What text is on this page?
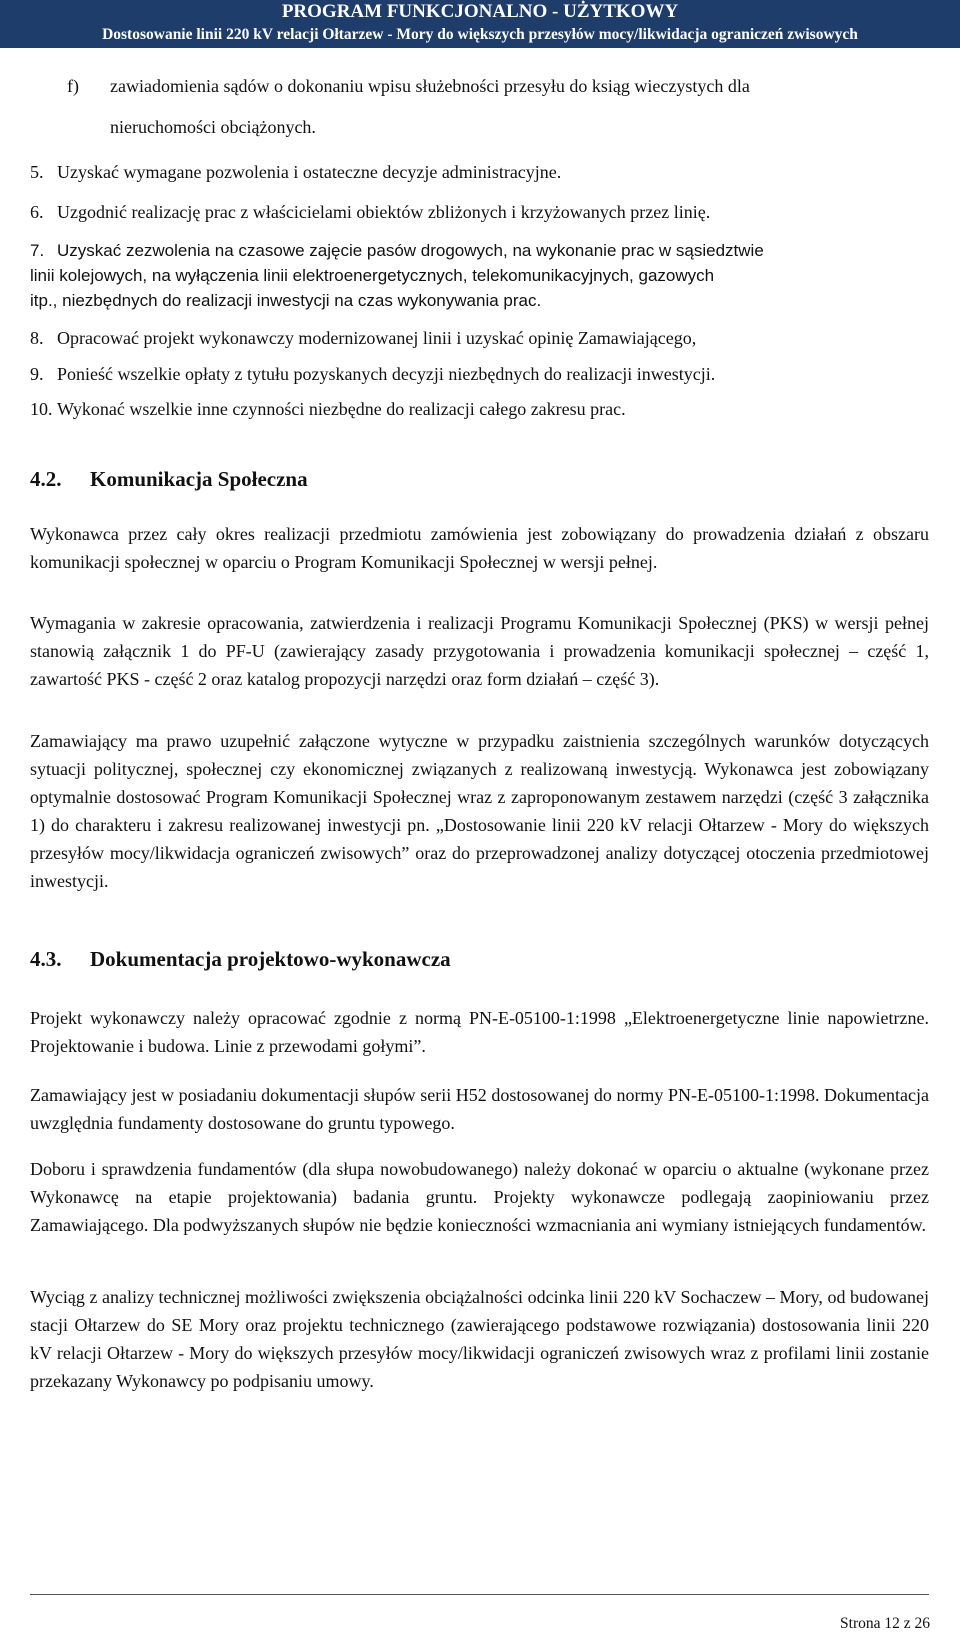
PROGRAM FUNKCJONALNO - UŻYTKOWY
Dostosowanie linii 220 kV relacji Ołtarzew - Mory do większych przesyłów mocy/likwidacja ograniczeń zwisowych
f) zawiadomienia sądów o dokonaniu wpisu służebności przesyłu do ksiąg wieczystych dla
nieruchomości obciążonych.
5. Uzyskać wymagane pozwolenia i ostateczne decyzje administracyjne.
6. Uzgodnić realizację prac z właścicielami obiektów zbliżonych i krzyżowanych przez linię.
7. Uzyskać zezwolenia na czasowe zajęcie pasów drogowych, na wykonanie prac w sąsiedztwie
linii kolejowych, na wyłączenia linii elektroenergetycznych, telekomunikacyjnych, gazowych
itp., niezbędnych do realizacji inwestycji na czas wykonywania prac.
8. Opracować projekt wykonawczy modernizowanej linii i uzyskać opinię Zamawiającego,
9. Ponieść wszelkie opłaty z tytułu pozyskanych decyzji niezbędnych do realizacji inwestycji.
10. Wykonać wszelkie inne czynności niezbędne do realizacji całego zakresu prac.
4.2. Komunikacja Społeczna
Wykonawca przez cały okres realizacji przedmiotu zamówienia jest zobowiązany do prowadzenia działań z obszaru komunikacji społecznej w oparciu o Program Komunikacji Społecznej w wersji pełnej.
Wymagania w zakresie opracowania, zatwierdzenia i realizacji Programu Komunikacji Społecznej (PKS) w wersji pełnej stanowią załącznik 1 do PF-U (zawierający zasady przygotowania i prowadzenia komunikacji społecznej – część 1, zawartość PKS - część 2 oraz katalog propozycji narzędzi oraz form działań – część 3).
Zamawiający ma prawo uzupełnić załączone wytyczne w przypadku zaistnienia szczególnych warunków dotyczących sytuacji politycznej, społecznej czy ekonomicznej związanych z realizowaną inwestycją. Wykonawca jest zobowiązany optymalnie dostosować Program Komunikacji Społecznej wraz z zaproponowanym zestawem narzędzi (część 3 załącznika 1) do charakteru i zakresu realizowanej inwestycji pn. „Dostosowanie linii 220 kV relacji Ołtarzew - Mory do większych przesyłów mocy/likwidacja ograniczeń zwisowych” oraz do przeprowadzonej analizy dotyczącej otoczenia przedmiotowej inwestycji.
4.3. Dokumentacja projektowo-wykonawcza
Projekt wykonawczy należy opracować zgodnie z normą PN-E-05100-1:1998 „Elektroenergetyczne linie napowietrzne. Projektowanie i budowa. Linie z przewodami gołymi”.
Zamawiający jest w posiadaniu dokumentacji słupów serii H52 dostosowanej do normy PN-E-05100-1:1998. Dokumentacja uwzględnia fundamenty dostosowane do gruntu typowego.
Doboru i sprawdzenia fundamentów (dla słupa nowobudowanego) należy dokonać w oparciu o aktualne (wykonane przez Wykonawcę na etapie projektowania) badania gruntu. Projekty wykonawcze podlegają zaopiniowaniu przez Zamawiającego. Dla podwyższanych słupów nie będzie konieczności wzmacniania ani wymiany istniejących fundamentów.
Wyciąg z analizy technicznej możliwości zwiększenia obciążalności odcinka linii 220 kV Sochaczew – Mory, od budowanej stacji Ołtarzew do SE Mory oraz projektu technicznego (zawierającego podstawowe rozwiązania) dostosowania linii 220 kV relacji Ołtarzew - Mory do większych przesyłów mocy/likwidacji ograniczeń zwisowych wraz z profilami linii zostanie przekazany Wykonawcy po podpisaniu umowy.
Strona 12 z 26
